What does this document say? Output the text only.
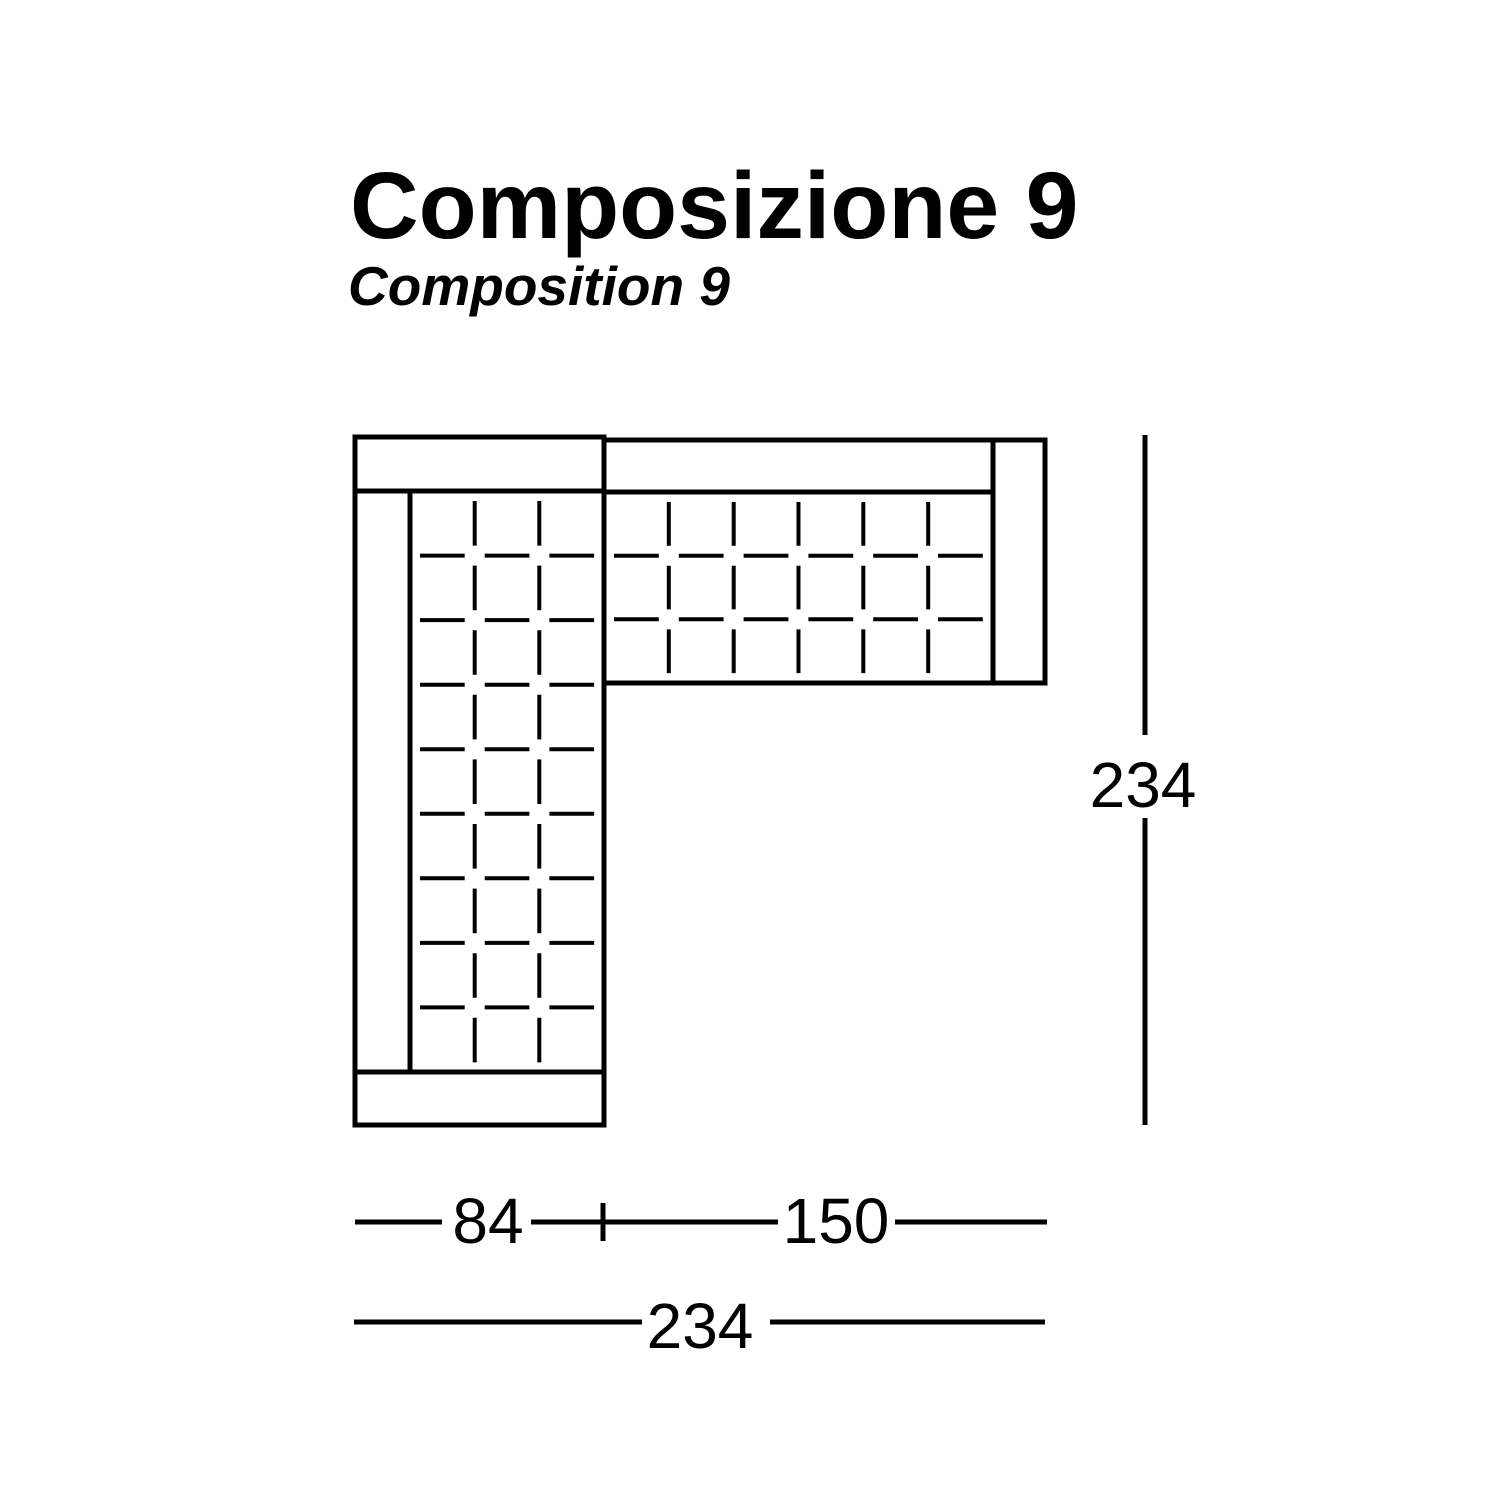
Composizione 9
Composition 9
234
84	150
234
